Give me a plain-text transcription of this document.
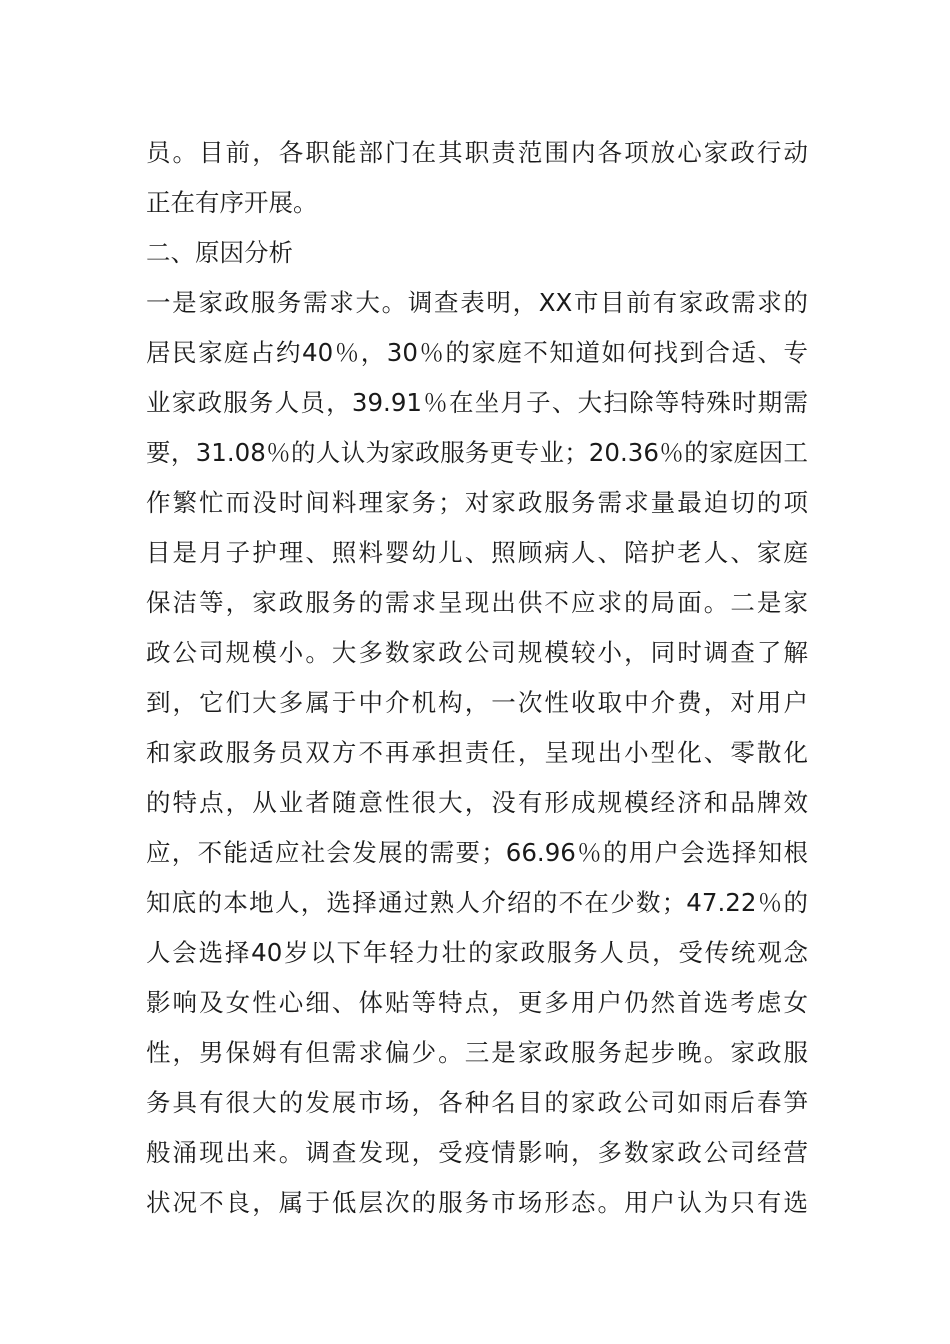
员。目前，各职能部门在其职责范围内各项放心家政行动
正在有序开展。
二、原因分析
一是家政服务需求大。调查表明，XX市目前有家政需求的
居民家庭占约40％，30％的家庭不知道如何找到合适、专
业家政服务人员，39.91％在坐月子、大扫除等特殊时期需
要，31.08％的人认为家政服务更专业；20.36％的家庭因工
作繁忙而没时间料理家务；对家政服务需求量最迫切的项
目是月子护理、照料婴幼儿、照顾病人、陪护老人、家庭
保洁等，家政服务的需求呈现出供不应求的局面。二是家
政公司规模小。大多数家政公司规模较小，同时调查了解
到，它们大多属于中介机构，一次性收取中介费，对用户
和家政服务员双方不再承担责任，呈现出小型化、零散化
的特点，从业者随意性很大，没有形成规模经济和品牌效
应，不能适应社会发展的需要；66.96％的用户会选择知根
知底的本地人，选择通过熟人介绍的不在少数；47.22％的
人会选择40岁以下年轻力壮的家政服务人员，受传统观念
影响及女性心细、体贴等特点，更多用户仍然首选考虑女
性，男保姆有但需求偏少。三是家政服务起步晚。家政服
务具有很大的发展市场，各种名目的家政公司如雨后春笋
般涌现出来。调查发现，受疫情影响，多数家政公司经营
状况不良，属于低层次的服务市场形态。用户认为只有选
